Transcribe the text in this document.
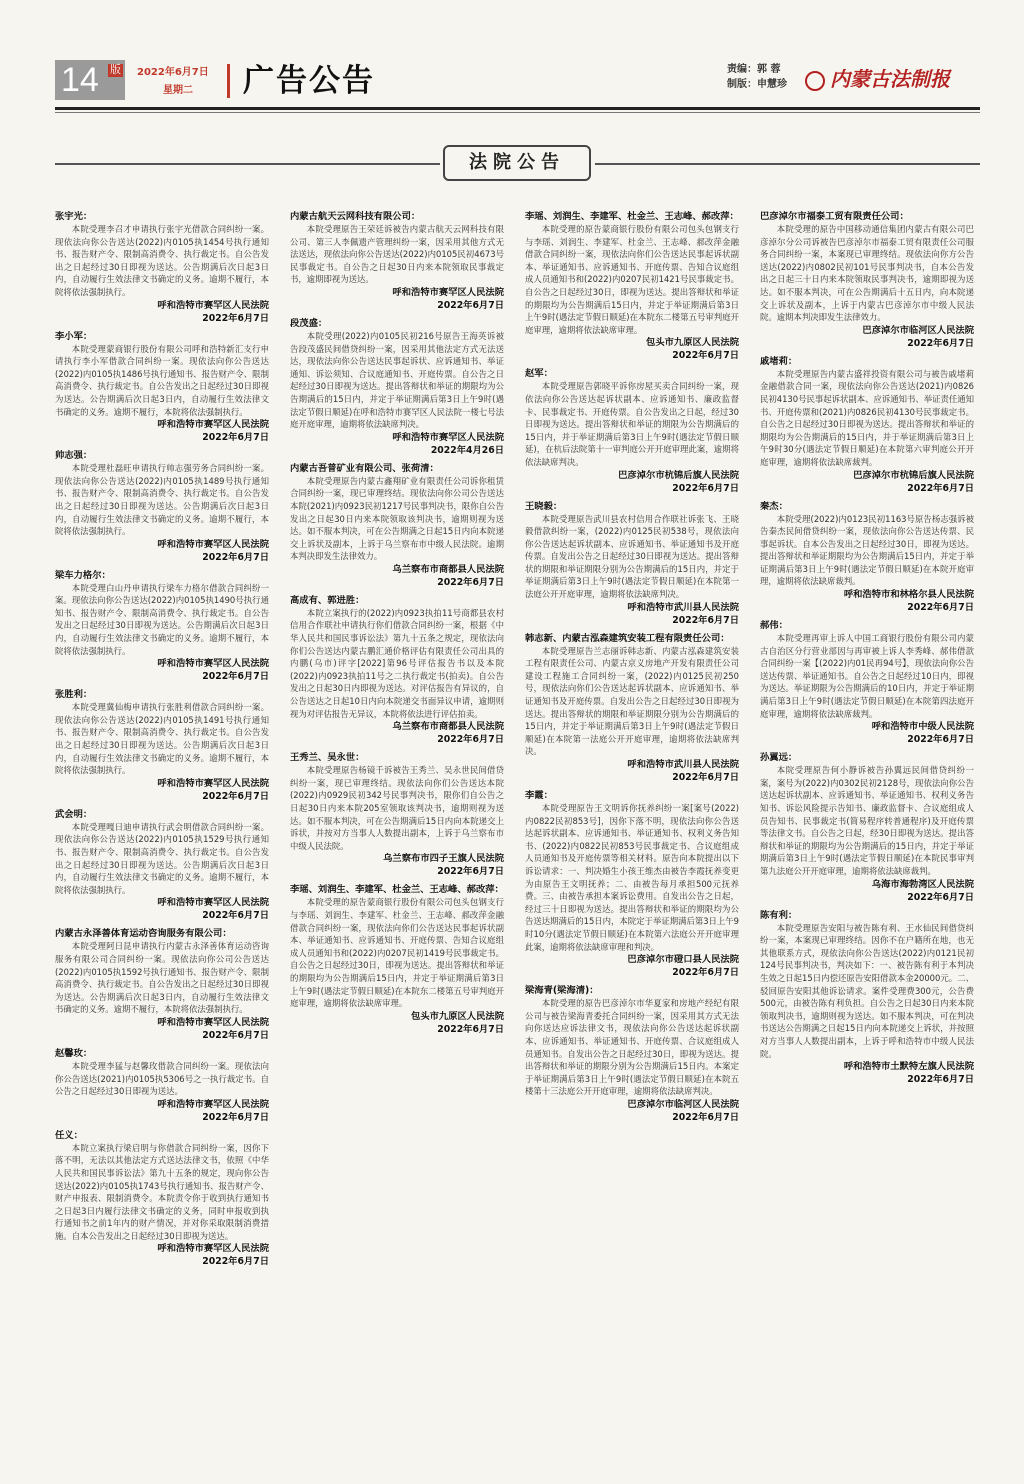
14 版 2022年6月7日
星期二 广告公告	责编：郭 蓉
制版：申慧珍	内蒙古法制报
法院公告
张宇光：

本院受理李召才申请执行张宇光借款合同纠纷一案。现依法向你公告送达(2022)内0105执1454号执行通知书、报告财产令、限制高消费令、执行裁定书。自公告发出之日起经过30日即视为送达。公告期满后次日起3日内，自动履行生效法律文书确定的义务。逾期不履行，本院将依法强制执行。

呼和浩特市赛罕区人民法院
2022年6月7日
李小军：

本院受理蒙商银行股份有限公司呼和浩特新汇支行申请执行李小军借款合同纠纷一案。现依法向你公告送达(2022)内0105执1486号执行通知书、报告财产令、限制高消费令、执行裁定书。自公告发出之日起经过30日即视为送达。公告期满后次日起3日内，自动履行生效法律文书确定的义务。逾期不履行，本院将依法强制执行。

呼和浩特市赛罕区人民法院
2022年6月7日
帅志强：

本院受理杜磊旺申请执行帅志强劳务合同纠纷一案。现依法向你公告送达(2022)内0105执1489号执行通知书、报告财产令、限制高消费令、执行裁定书。自公告发出之日起经过30日即视为送达。公告期满后次日起3日内，自动履行生效法律文书确定的义务。逾期不履行，本院将依法强制执行。

呼和浩特市赛罕区人民法院
2022年6月7日
梁车力格尔：

本院受理白山丹申请执行梁车力格尔借款合同纠纷一案。现依法向你公告送达(2022)内0105执1490号执行通知书、报告财产令、限制高消费令、执行裁定书。自公告发出之日起经过30日即视为送达。公告期满后次日起3日内，自动履行生效法律文书确定的义务。逾期不履行，本院将依法强制执行。

呼和浩特市赛罕区人民法院
2022年6月7日
张胜利：

本院受理冀仙梅申请执行张胜利借款合同纠纷一案。现依法向你公告送达(2022)内0105执1491号执行通知书、报告财产令、限制高消费令、执行裁定书。自公告发出之日起经过30日即视为送达。公告期满后次日起3日内，自动履行生效法律文书确定的义务。逾期不履行，本院将依法强制执行。

呼和浩特市赛罕区人民法院
2022年6月7日
武会明：

本院受理嘎日迪申请执行武会明借款合同纠纷一案。现依法向你公告送达(2022)内0105执1529号执行通知书、报告财产令、限制高消费令、执行裁定书。自公告发出之日起经过30日即视为送达。公告期满后次日起3日内，自动履行生效法律文书确定的义务。逾期不履行，本院将依法强制执行。

呼和浩特市赛罕区人民法院
2022年6月7日
内蒙古永泽善体育运动咨询服务有限公司：

本院受理阿日昆申请执行内蒙古永泽善体育运动咨询服务有限公司合同纠纷一案。现依法向你公司公告送达(2022)内0105执1592号执行通知书、报告财产令、限制高消费令、执行裁定书。自公告发出之日起经过30日即视为送达。公告期满后次日起3日内，自动履行生效法律文书确定的义务。逾期不履行，本院将依法强制执行。

呼和浩特市赛罕区人民法院
2022年6月7日
赵馨玫：

本院受理李猛与赵馨玫借款合同纠纷一案。现依法向你公告送达(2021)内0105执5306号之一执行裁定书。自公告之日起经过30日即视为送达。

呼和浩特市赛罕区人民法院
2022年6月7日
任义：

本院立案执行梁启明与你借款合同纠纷一案，因你下落不明，无法以其他法定方式送达法律文书，依照《中华人民共和国民事诉讼法》第九十五条的规定，现向你公告送达(2022)内0105执1743号执行通知书、报告财产令、财产申报表、限制消费令。本院责令你于收到执行通知书之日起3日内履行法律文书确定的义务，同时申报收到执行通知书之前1年内的财产情况，并对你采取限制消费措施。自本公告发出之日起经过30日即视为送达。

呼和浩特市赛罕区人民法院
2022年6月7日
内蒙古航天云网科技有限公司：

本院受理原告王荣廷诉被告内蒙古航天云网科技有限公司、第三人李佩遗产管理纠纷一案，因采用其他方式无法送达，现依法向你公告送达(2022)内0105民初4673号民事裁定书。自公告之日起30日内来本院领取民事裁定书，逾期即视为送达。

呼和浩特市赛罕区人民法院
2022年6月7日
段茂盛：

本院受理(2022)内0105民初216号原告王海英诉被告段茂盛民间借贷纠纷一案，因采用其他法定方式无法送达，现依法向你公告送达民事起诉状、应诉通知书、举证通知、诉讼须知、合议庭通知书、开庭传票。自公告之日起经过30日即视为送达。提出答辩状和举证的期限均为公告期满后的15日内，并定于举证期满后第3日上午9时(遇法定节假日顺延)在呼和浩特市赛罕区人民法院一楼七号法庭开庭审理，逾期将依法缺席判决。

呼和浩特市赛罕区人民法院
2022年4月26日
内蒙古吾普矿业有限公司、张荷清：

本院受理原告内蒙古鑫翔矿业有限责任公司诉你租赁合同纠纷一案，现已审理终结。现依法向你公司公告送达本院(2021)内0923民初1217号民事判决书，限你自公告发出之日起30日内来本院领取该判决书，逾期则视为送达。如不服本判决，可在公告期满之日起15日内向本院递交上诉状及副本，上诉于乌兰察布市中级人民法院。逾期本判决即发生法律效力。

乌兰察布市商都县人民法院
2022年6月7日
高成有、郭进胜：

本院立案执行的(2022)内0923执拍11号商都县农村信用合作联社申请执行你们借款合同纠纷一案，根据《中华人民共和国民事诉讼法》第九十五条之规定，现依法向你们公告送达内蒙古鹏汇通价格评估有限责任公司出具的内鹏(乌市)评字[2022]第96号评估报告书以及本院(2022)内0923执拍11号之二执行裁定书(拍卖)。自公告发出之日起30日内即视为送达。对评估报告有异议的，自公告送达之日起10日内向本院递交书面异议申请，逾期则视为对评估报告无异议，本院将依法进行评估拍卖。

乌兰察布市商都县人民法院
2022年6月7日
王秀兰、吴永世：

本院受理原告杨镜千诉被告王秀兰、吴永世民间借贷纠纷一案，现已审理终结。现依法向你们公告送达本院(2022)内0929民初342号民事判决书，限你们自公告之日起30日内来本院205室领取该判决书，逾期则视为送达。如不服本判决，可在公告期满后15日内向本院递交上诉状，并按对方当事人人数提出副本，上诉于乌兰察布市中级人民法院。

乌兰察布市四子王旗人民法院
2022年6月7日
李瑶、刘润生、李建军、杜金兰、王志峰、郝改萍：

本院受理的原告蒙商银行股份有限公司包头包钢支行与李瑶、刘润生、李建军、杜金兰、王志峰、郝改萍金融借款合同纠纷一案，现依法向你们公告送达民事起诉状副本、举证通知书、应诉通知书、开庭传票、告知合议庭组成人员通知书和(2022)内0207民初1419号民事裁定书。自公告之日起经过30日，即视为送达。提出答辩状和举证的期限均为公告期满后15日内，并定于举证期满后第3日上午9时(遇法定节假日顺延)在本院东二楼第五号审判庭开庭审理，逾期将依法缺席审理。

包头市九原区人民法院
2022年6月7日
李瑶、刘润生、李建军、杜金兰、王志峰、郝改萍：

本院受理的原告蒙商银行股份有限公司包头包钢支行与李瑶、刘润生、李建军、杜金兰、王志峰、郝改萍金融借款合同纠纷一案，现依法向你们公告送达民事起诉状副本、举证通知书、应诉通知书、开庭传票、告知合议庭组成人员通知书和(2022)内0207民初1421号民事裁定书。自公告之日起经过30日，即视为送达。提出答辩状和举证的期限均为公告期满后15日内，并定于举证期满后第3日上午9时(遇法定节假日顺延)在本院东二楼第五号审判庭开庭审理，逾期将依法缺席审理。

包头市九原区人民法院
2022年6月7日
赵军：

本院受理原告郭晓平诉你房屋买卖合同纠纷一案，现依法向你公告送达起诉状副本、应诉通知书、廉政监督卡、民事裁定书、开庭传票。自公告发出之日起，经过30日即视为送达。提出答辩状和举证的期限为公告期满后的15日内，并于举证期满后第3日上午9时(遇法定节假日顺延)，在杭后法院第十一审判庭公开开庭审理此案，逾期将依法缺席判决。

巴彦淖尔市杭锦后旗人民法院
2022年6月7日
王晓毅：

本院受理原告武川县农村信用合作联社诉张飞、王晓毅借款纠纷一案，(2022)内0125民初538号，现依法向你公告送达起诉状副本、应诉通知书、举证通知书及开庭传票。自发出公告之日起经过30日即视为送达。提出答辩状的期限和举证期限分别为公告期满后的15日内，并定于举证期满后第3日上午9时(遇法定节假日顺延)在本院第一法庭公开开庭审理，逾期将依法缺席判决。

呼和浩特市武川县人民法院
2022年6月7日
韩志新、内蒙古泓森建筑安装工程有限责任公司：

本院受理原告兰志丽诉韩志新、内蒙古泓森建筑安装工程有限责任公司、内蒙古京义房地产开发有限责任公司建设工程施工合同纠纷一案，(2022)内0125民初250号，现依法向你们公告送达起诉状副本、应诉通知书、举证通知书及开庭传票。自发出公告之日起经过30日即视为送达。提出答辩状的期限和举证期限分别为公告期满后的15日内，并定于举证期满后第3日上午9时(遇法定节假日顺延)在本院第一法庭公开开庭审理，逾期将依法缺席判决。

呼和浩特市武川县人民法院
2022年6月7日
李霞：

本院受理原告王文明诉你抚养纠纷一案[案号(2022)内0822民初853号]，因你下落不明，现依法向你公告送达起诉状副本、应诉通知书、举证通知书、权利义务告知书、(2022)内0822民初853号民事裁定书、合议庭组成人员通知书及开庭传票等相关材料。原告向本院提出以下诉讼请求：一、判决婚生小孩王维杰由被告李霞抚养变更为由原告王文明抚养；二、由被告每月承担500元抚养费。三、由被告承担本案诉讼费用。自发出公告之日起，经过三十日即视为送达。提出答辩状和举证的期限均为公告送达期满后的15日内，本院定于举证期满后第3日上午9时10分(遇法定节假日顺延)在本院第六法庭公开开庭审理此案，逾期将依法缺席审理和判决。

巴彦淖尔市磴口县人民法院
2022年6月7日
梁海青(梁海清)：

本院受理的原告巴彦淖尔市华夏家和房地产经纪有限公司与被告梁海青委托合同纠纷一案，因采用其方式无法向你送达应诉法律文书，现依法向你公告送达起诉状副本、应诉通知书、举证通知书、开庭传票、合议庭组成人员通知书。自发出公告之日起经过30日，即视为送达。提出答辩状和举证的期限分别为公告期满后15日内。本案定于举证期满后第3日上午9时(遇法定节假日顺延)在本院五楼第十三法庭公开开庭审理，逾期将依法缺席判决。

巴彦淖尔市临河区人民法院
2022年6月7日
巴彦淖尔市福泰工贸有限责任公司：

本院受理的原告中国移动通信集团内蒙古有限公司巴彦淖尔分公司诉被告巴彦淖尔市福泰工贸有限责任公司服务合同纠纷一案，本案现已审理终结。现依法向你方公告送达(2022)内0802民初101号民事判决书，自本公告发出之日起三十日内来本院领取民事判决书，逾期即视为送达。如不服本判决，可在公告期满后十五日内，向本院递交上诉状及副本，上诉于内蒙古巴彦淖尔市中级人民法院。逾期本判决即发生法律效力。

巴彦淖尔市临河区人民法院
2022年6月7日
戚堵莉：

本院受理原告内蒙古盛祥投资有限公司与被告戚堵莉金融借款合同一案，现依法向你公告送达(2021)内0826民初4130号民事起诉状副本、应诉通知书、举证责任通知书、开庭传票和(2021)内0826民初4130号民事裁定书。自公告之日起经过30日即视为送达。提出答辩状和举证的期限均为公告期满后的15日内，并于举证期满后第3日上午9时30分(遇法定节假日顺延)在本院第六审判庭公开开庭审理，逾期将依法缺席裁判。

巴彦淖尔市杭锦后旗人民法院
2022年6月7日
秦杰：

本院受理(2022)内0123民初1163号原告杨志强诉被告秦杰民间借贷纠纷一案，现依法向你公告送达传票、民事起诉状。自本公告发出之日起经过30日，即视为送达。提出答辩状和举证期限均为公告期满后15日内，并定于举证期满后第3日上午9时(遇法定节假日顺延)在本院开庭审理，逾期将依法缺席裁判。

呼和浩特市和林格尔县人民法院
2022年6月7日
郝伟：

本院受理再审上诉人中国工商银行股份有限公司内蒙古自治区分行营业部因与再审被上诉人李秀峰、郝伟借款合同纠纷一案【(2022)内01民再94号】，现依法向你公告送达传票、举证通知书。自公告之日起经过10日内，即视为送达。举证期限为公告期满后的10日内，并定于举证期满后第3日上午9时(遇法定节假日顺延)在本院第四法庭开庭审理，逾期将依法缺席裁判。

呼和浩特市中级人民法院
2022年6月7日
孙翼远：

本院受理原告何小静诉被告孙翼远民间借贷纠纷一案，案号为(2022)内0302民初2128号，现依法向你公告送达起诉状副本、应诉通知书、举证通知书、权利义务告知书、诉讼风险提示告知书、廉政监督卡、合议庭组成人员告知书、民事裁定书(简易程序转普通程序)及开庭传票等法律文书。自公告之日起，经30日即视为送达。提出答辩状和举证的期限均为公告期满后的15日内，并定于举证期满后第3日上午9时(遇法定节假日顺延)在本院民事审判第九法庭公开开庭审理，逾期将依法缺席裁判。

乌海市海勃湾区人民法院
2022年6月7日
陈有利：

本院受理原告安阳与被告陈有利、王水仙民间借贷纠纷一案，本案现已审理终结。因你不在户籍所在地，也无其他联系方式，现依法向你公告送达(2022)内0121民初124号民事判决书，判决如下：一、被告陈有利于本判决生效之日起15日内偿还原告安阳借款本金20000元。二、驳回原告安阳其他诉讼请求。案件受理费300元，公告费500元，由被告陈有利负担。自公告之日起30日内来本院领取判决书，逾期则视为送达。如不服本判决，可在判决书送达公告期满之日起15日内向本院递交上诉状，并按照对方当事人人数提出副本，上诉于呼和浩特市中级人民法院。

呼和浩特市土默特左旗人民法院
2022年6月7日
